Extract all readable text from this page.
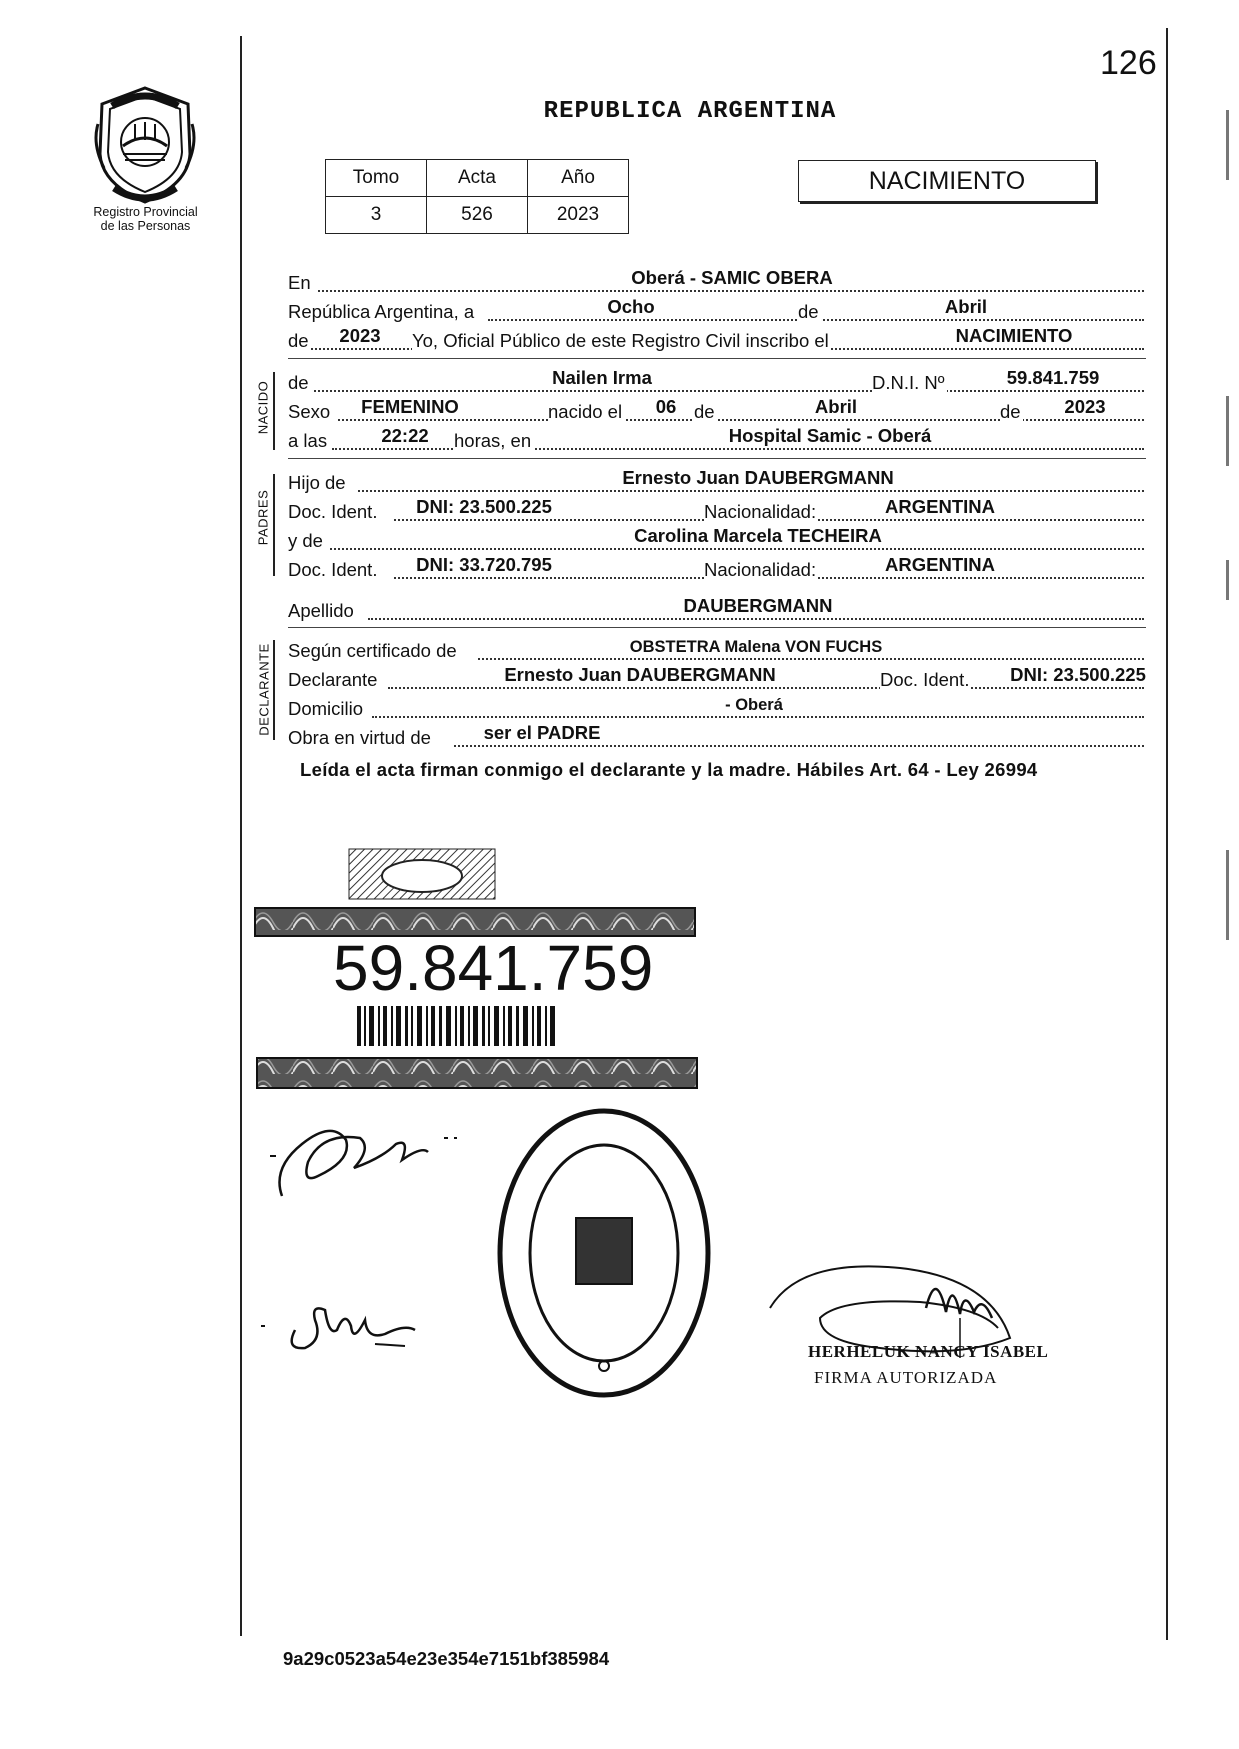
126
Registro Provincial
de las Personas
REPUBLICA ARGENTINA
Tomo	Acta	Año
3	526	2023
NACIMIENTO
En	Oberá - SAMIC OBERA
República Argentina, a	Ocho	de	Abril
de 2023 Yo, Oficial Público de este Registro Civil inscribo el	NACIMIENTO
NACIDO de	Nailen Irma	D.N.I. Nº	59.841.759
Sexo FEMENINO	nacido el 06 de	Abril	de 2023
a las	22:22 horas, en	Hospital Samic - Oberá
PADRES
Hijo de	Ernesto Juan DAUBERGMANN
Doc. Ident. DNI: 23.500.225	Nacionalidad:	ARGENTINA
y de	Carolina Marcela TECHEIRA
Doc. Ident. DNI: 33.720.795	Nacionalidad:	ARGENTINA
Apellido	DAUBERGMANN
DECLARANTE Según certificado de	OBSTETRA Malena VON FUCHS
Declarante	Ernesto Juan DAUBERGMANN	Doc. Ident. DNI: 23.500.225
Domicilio	- Oberá
Obra en virtud de	ser el PADRE
Leída el acta firman conmigo el declarante y la madre. Hábiles Art. 64 - Ley 26994
59.841.759
HERHELUK NANCY ISABEL
FIRMA AUTORIZADA
9a29c0523a54e23e354e7151bf385984
